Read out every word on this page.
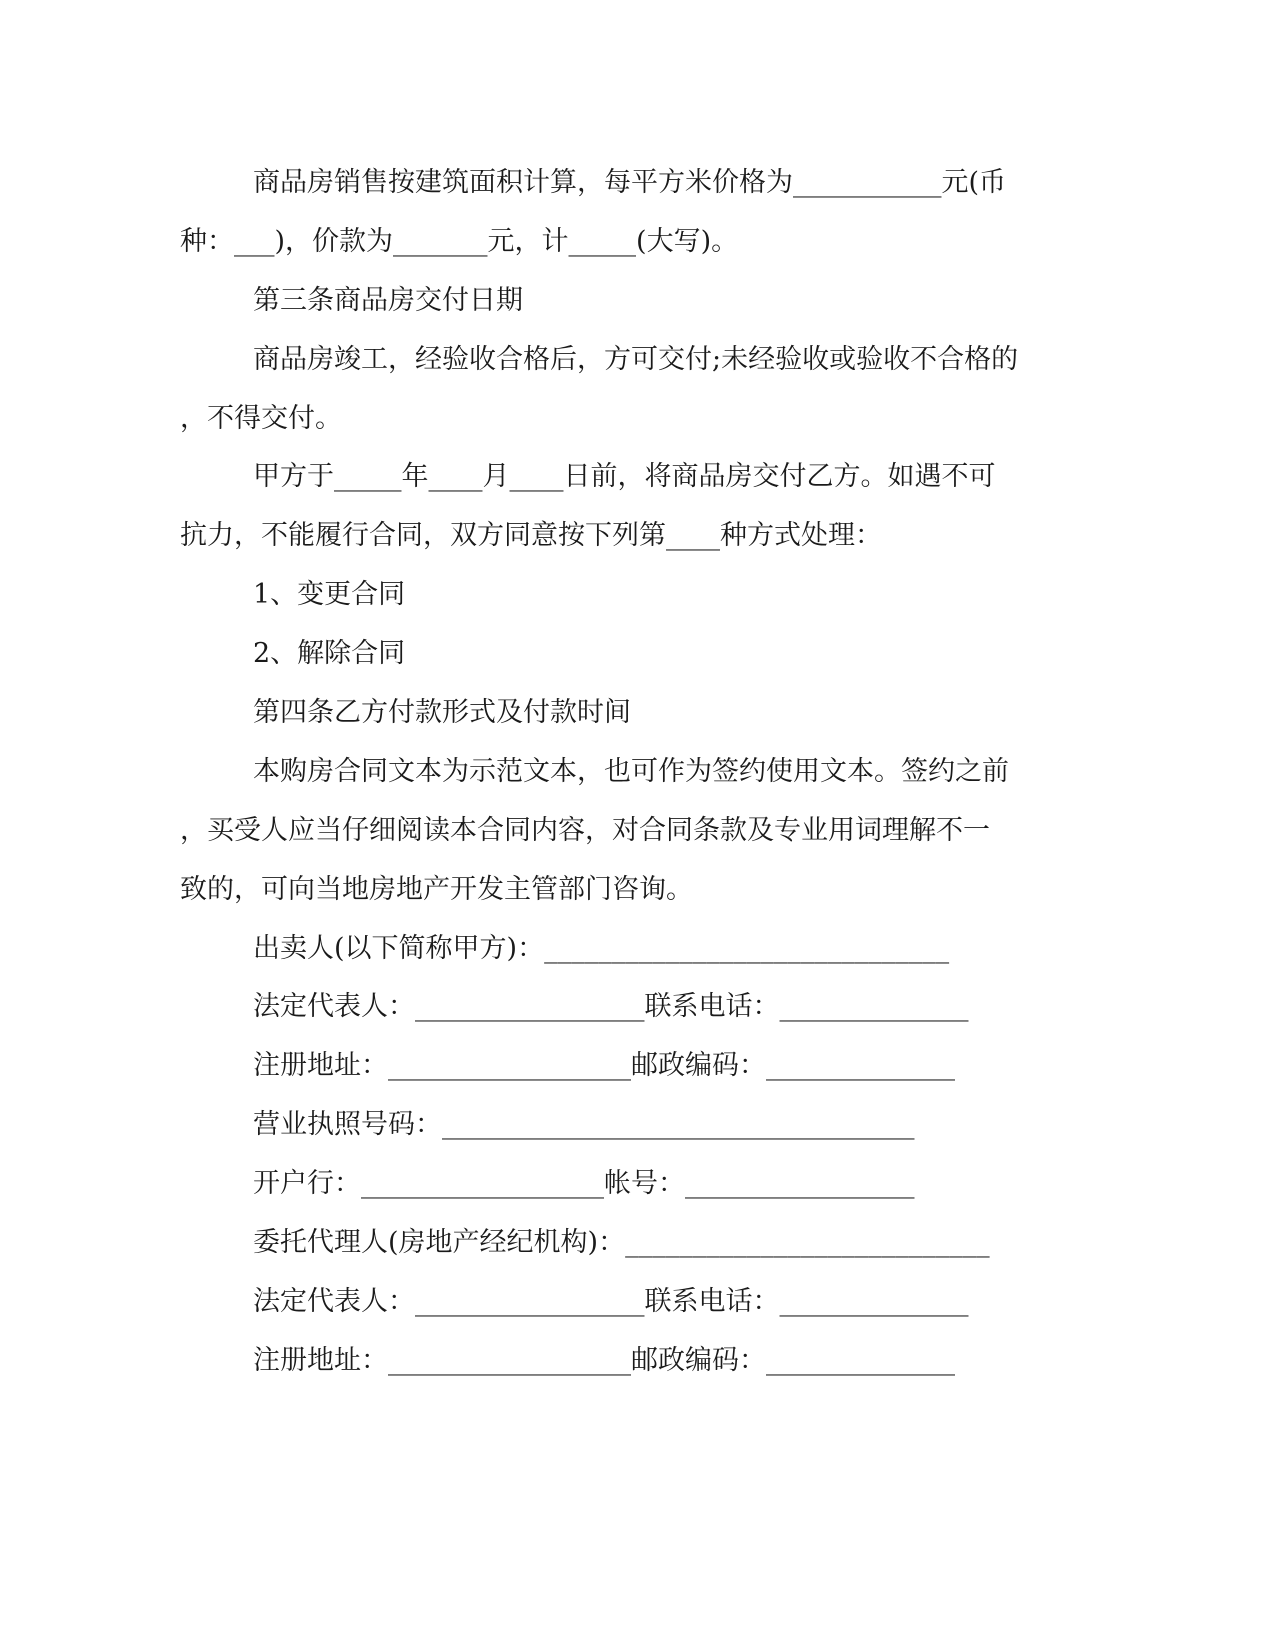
商品房销售按建筑面积计算，每平方米价格为___________元(币
种：___)，价款为_______元，计_____(大写)。
第三条商品房交付日期
商品房竣工，经验收合格后，方可交付;未经验收或验收不合格的
，不得交付。
甲方于_____年____月____日前，将商品房交付乙方。如遇不可
抗力，不能履行合同，双方同意按下列第____种方式处理：
1、变更合同
2、解除合同
第四条乙方付款形式及付款时间
本购房合同文本为示范文本，也可作为签约使用文本。签约之前
，买受人应当仔细阅读本合同内容，对合同条款及专业用词理解不一
致的，可向当地房地产开发主管部门咨询。
出卖人(以下简称甲方)：______________________________
法定代表人：_________________联系电话：______________
注册地址：__________________邮政编码：______________
营业执照号码：___________________________________
开户行：__________________帐号：_________________
委托代理人(房地产经纪机构)：___________________________
法定代表人：_________________联系电话：______________
注册地址：__________________邮政编码：______________
